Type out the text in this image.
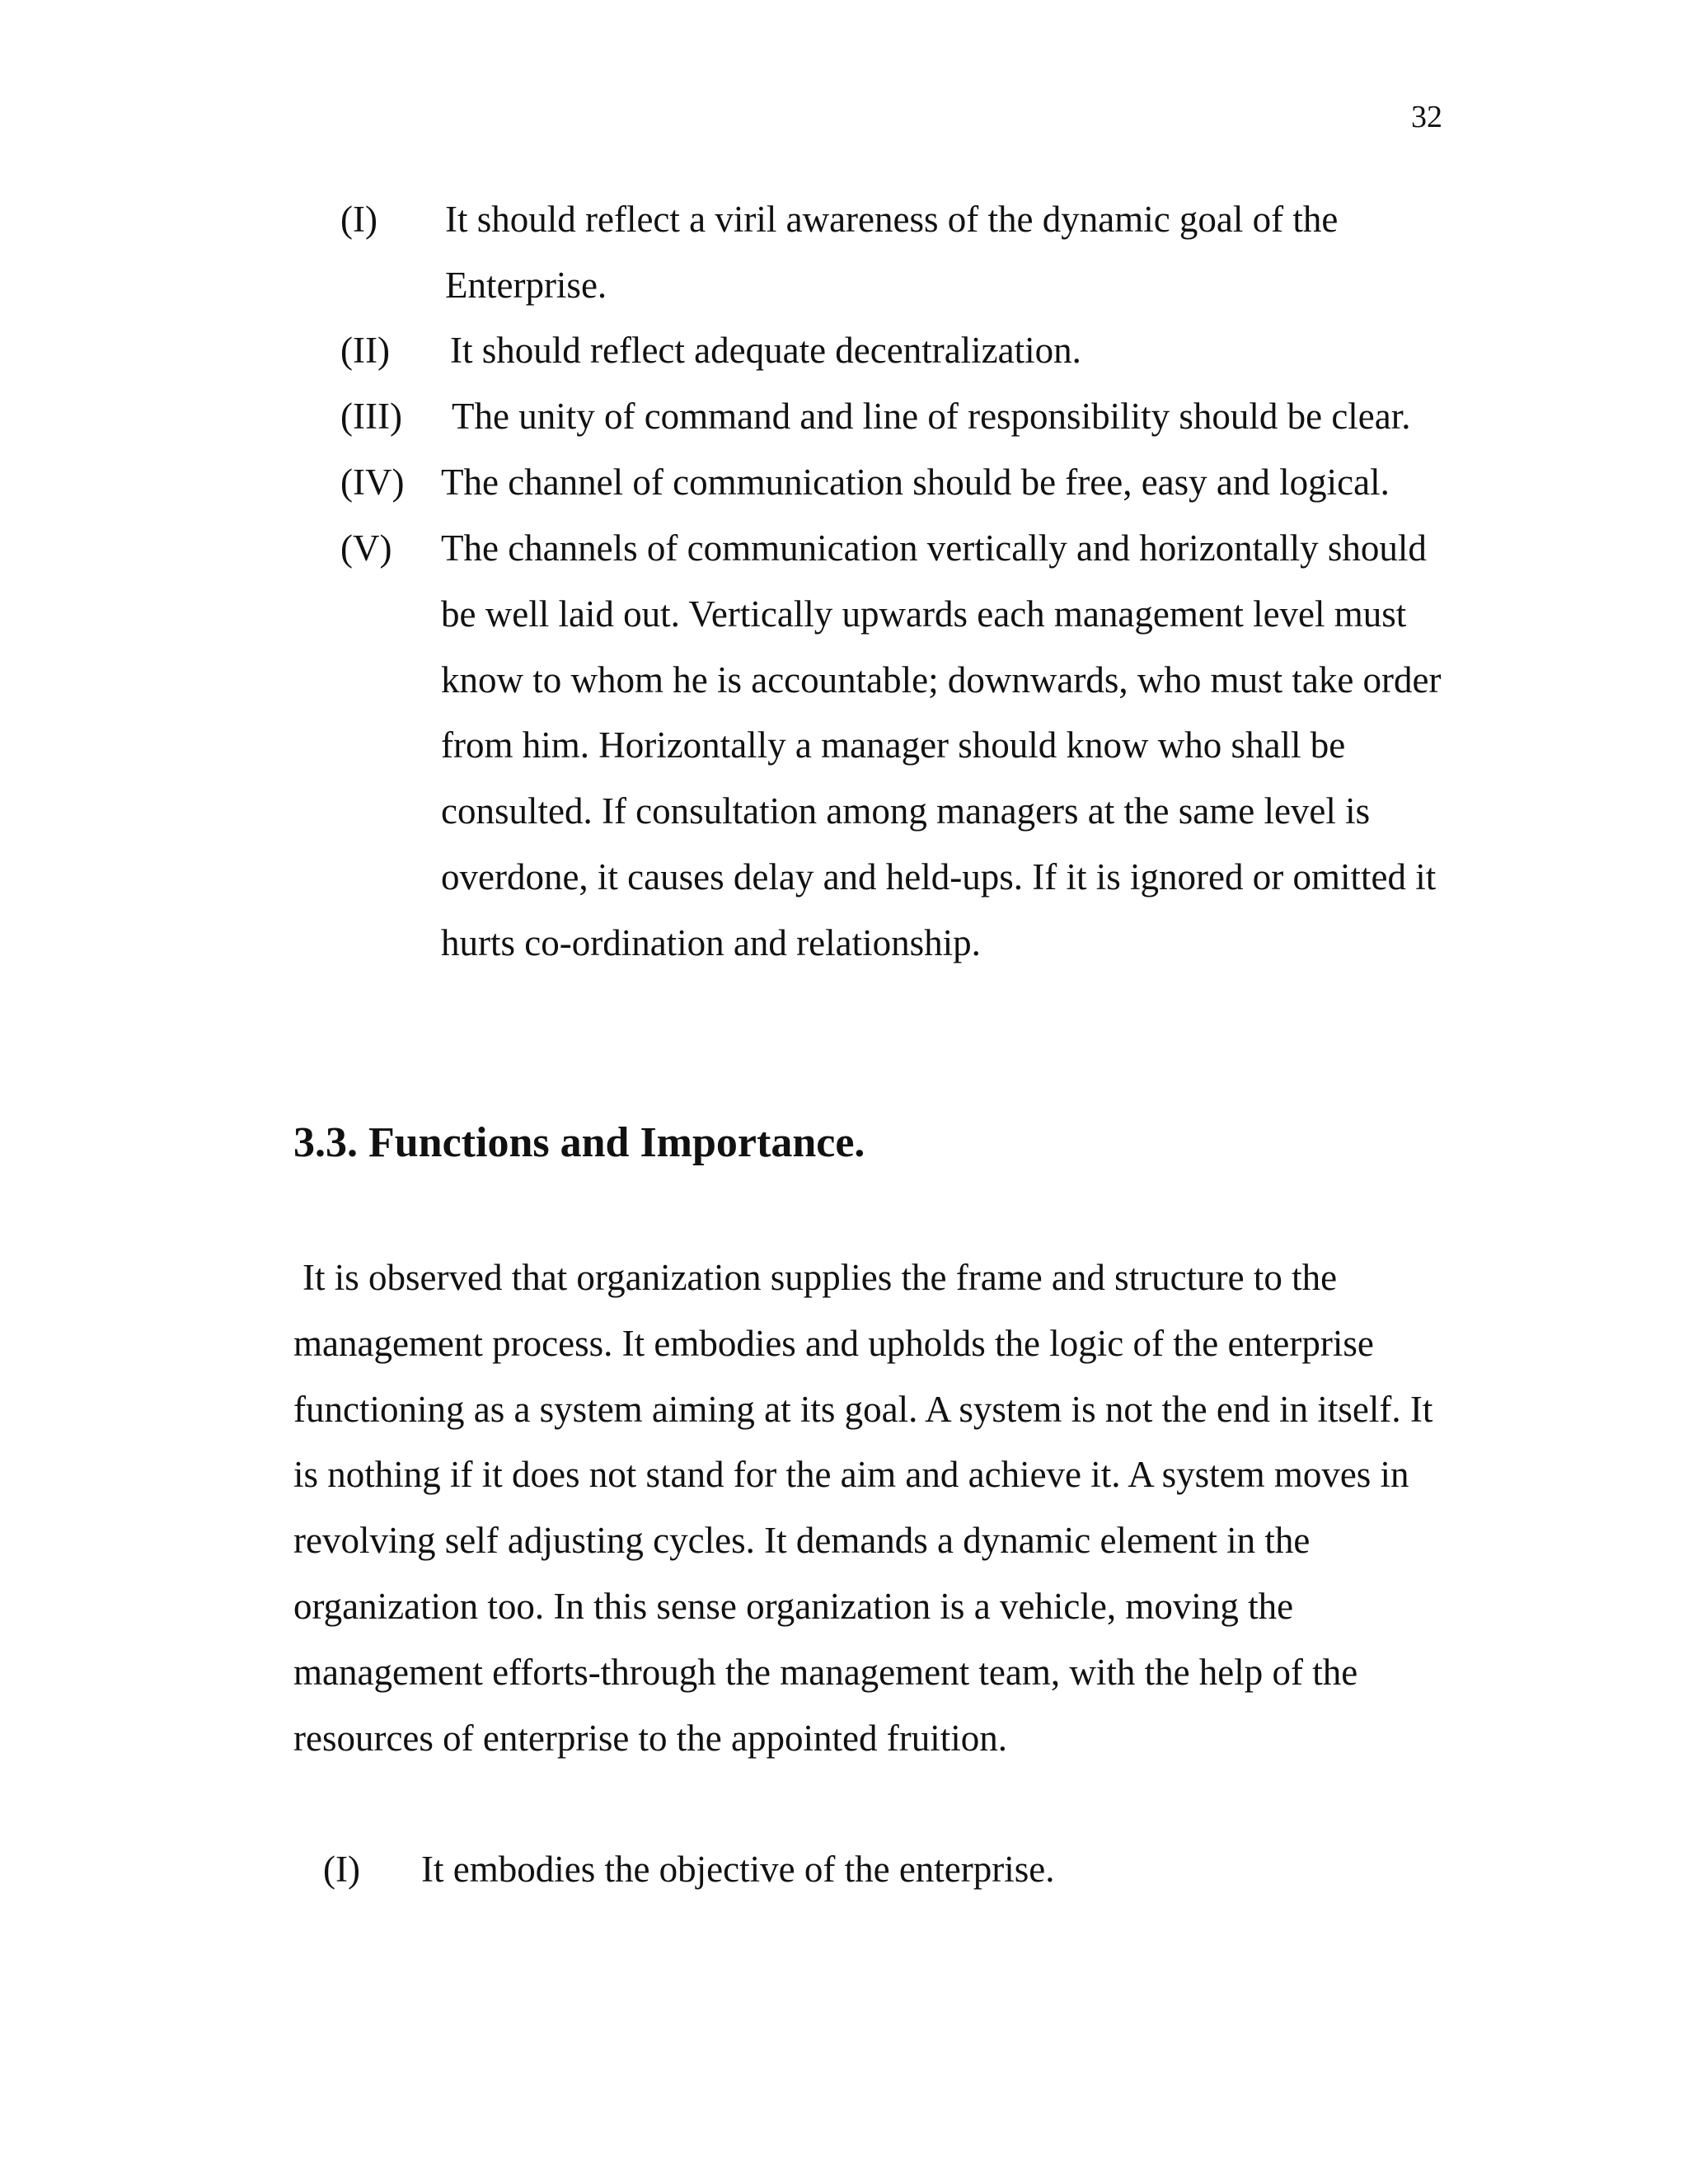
32
(I) It should reflect a viril awareness of the dynamic goal of the
Enterprise.
(II) It should reflect adequate decentralization.
(III) The unity of command and line of responsibility should be clear.
(IV) The channel of communication should be free, easy and logical.
(V) The channels of communication vertically and horizontally should
be well laid out. Vertically upwards each management level must
know to whom he is accountable; downwards, who must take order
from him. Horizontally a manager should know who shall be
consulted. If consultation among managers at the same level is
overdone, it causes delay and held-ups. If it is ignored or omitted it
hurts co-ordination and relationship.
3.3. Functions and Importance.
It is observed that organization supplies the frame and structure to the
management process. It embodies and upholds the logic of the enterprise
functioning as a system aiming at its goal. A system is not the end in itself. It
is nothing if it does not stand for the aim and achieve it. A system moves in
revolving self adjusting cycles. It demands a dynamic element in the
organization too. In this sense organization is a vehicle, moving the
management efforts-through the management team, with the help of the
resources of enterprise to the appointed fruition.
(I) It embodies the objective of the enterprise.
